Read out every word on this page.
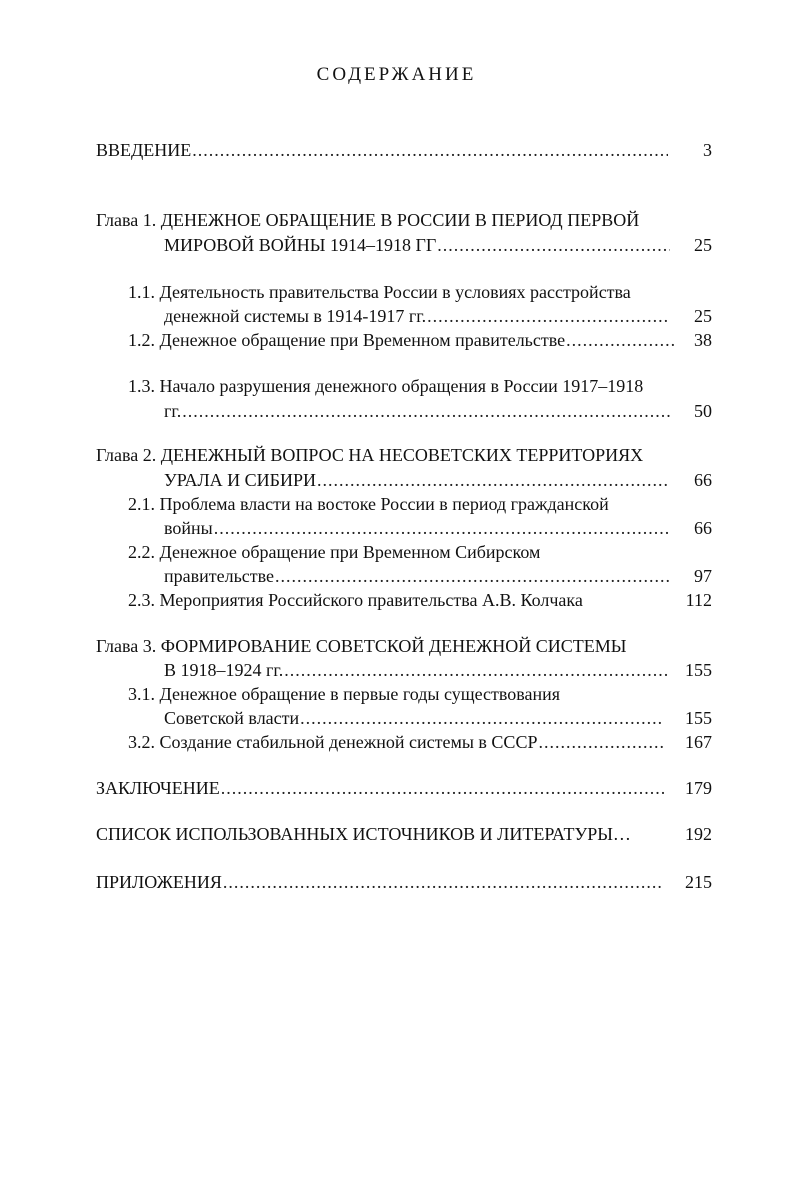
СОДЕРЖАНИЕ
ВВЕДЕНИЕ .....	3
Глава 1. ДЕНЕЖНОЕ ОБРАЩЕНИЕ В РОССИИ В ПЕРИОД ПЕРВОЙ
МИРОВОЙ ВОЙНЫ 1914–1918 ГГ .....	25
1.1. Деятельность правительства России в условиях расстройства
денежной системы в 1914-1917 гг. .....	25
1.2. Денежное обращение при Временном правительстве .....	38
1.3. Начало разрушения денежного обращения в России 1917–1918
гг. .....	50
Глава 2. ДЕНЕЖНЫЙ ВОПРОС НА НЕСОВЕТСКИХ ТЕРРИТОРИЯХ
УРАЛА И СИБИРИ .....	66
2.1. Проблема власти на востоке России в период гражданской
войны .....	66
2.2. Денежное обращение при Временном Сибирском
правительстве .....	97
2.3. Мероприятия Российского правительства А.В. Колчака	112
Глава 3. ФОРМИРОВАНИЕ СОВЕТСКОЙ ДЕНЕЖНОЙ СИСТЕМЫ
В 1918–1924 гг. .....	155
3.1. Денежное обращение в первые годы существования
Советской власти .....	155
3.2. Создание стабильной денежной системы в СССР .....	167
ЗАКЛЮЧЕНИЕ .....	179
СПИСОК ИСПОЛЬЗОВАННЫХ ИСТОЧНИКОВ И ЛИТЕРАТУРЫ…	192
ПРИЛОЖЕНИЯ .....	215
